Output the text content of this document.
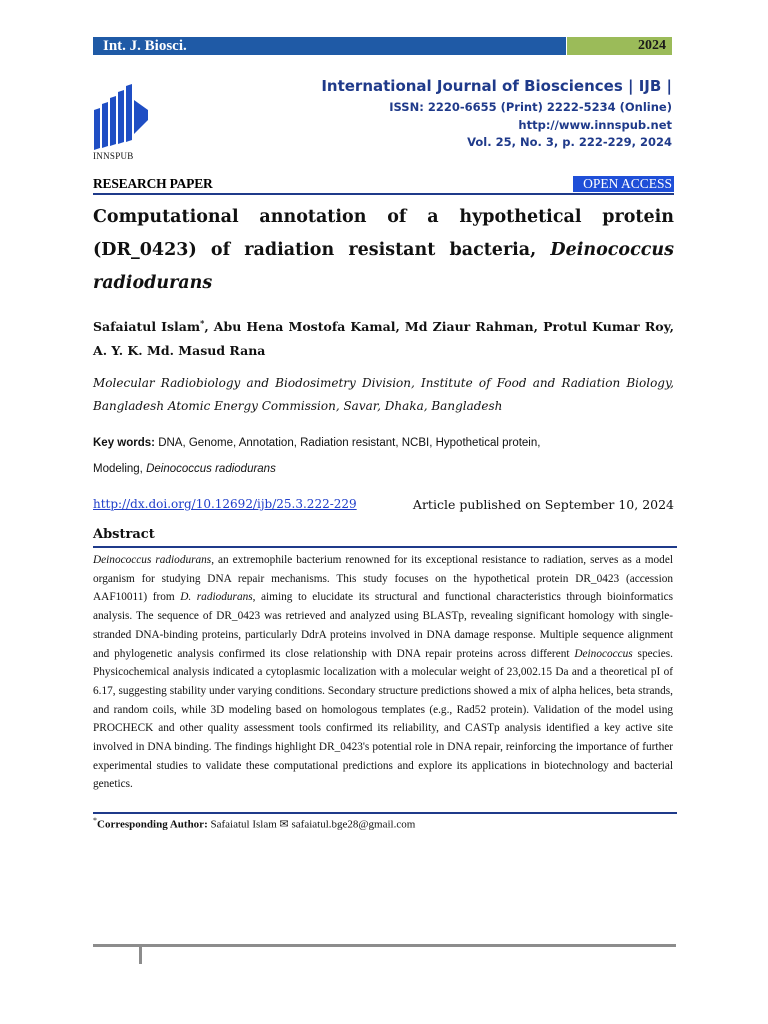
Int. J. Biosci.	2024
INNSPUB
International Journal of Biosciences | IJB |
ISSN: 2220-6655 (Print) 2222-5234 (Online)
http://www.innspub.net
Vol. 25, No. 3, p. 222-229, 2024
RESEARCH PAPER	OPEN ACCESS
Computational annotation of a hypothetical protein (DR_0423) of radiation resistant bacteria, Deinococcus radiodurans
Safaiatul Islam*, Abu Hena Mostofa Kamal, Md Ziaur Rahman, Protul Kumar Roy, A. Y. K. Md. Masud Rana
Molecular Radiobiology and Biodosimetry Division, Institute of Food and Radiation Biology, Bangladesh Atomic Energy Commission, Savar, Dhaka, Bangladesh
Key words: DNA, Genome, Annotation, Radiation resistant, NCBI, Hypothetical protein,
Modeling, Deinococcus radiodurans
http://dx.doi.org/10.12692/ijb/25.3.222-229	Article published on September 10, 2024
Abstract
Deinococcus radiodurans, an extremophile bacterium renowned for its exceptional resistance to radiation, serves as a model organism for studying DNA repair mechanisms. This study focuses on the hypothetical protein DR_0423 (accession AAF10011) from D. radiodurans, aiming to elucidate its structural and functional characteristics through bioinformatics analysis. The sequence of DR_0423 was retrieved and analyzed using BLASTp, revealing significant homology with single-stranded DNA-binding proteins, particularly DdrA proteins involved in DNA damage response. Multiple sequence alignment and phylogenetic analysis confirmed its close relationship with DNA repair proteins across different Deinococcus species. Physicochemical analysis indicated a cytoplasmic localization with a molecular weight of 23,002.15 Da and a theoretical pI of 6.17, suggesting stability under varying conditions. Secondary structure predictions showed a mix of alpha helices, beta strands, and random coils, while 3D modeling based on homologous templates (e.g., Rad52 protein). Validation of the model using PROCHECK and other quality assessment tools confirmed its reliability, and CASTp analysis identified a key active site involved in DNA binding. The findings highlight DR_0423's potential role in DNA repair, reinforcing the importance of further experimental studies to validate these computational predictions and explore its applications in biotechnology and bacterial genetics.
*Corresponding Author: Safaiatul Islam ✉ safaiatul.bge28@gmail.com
